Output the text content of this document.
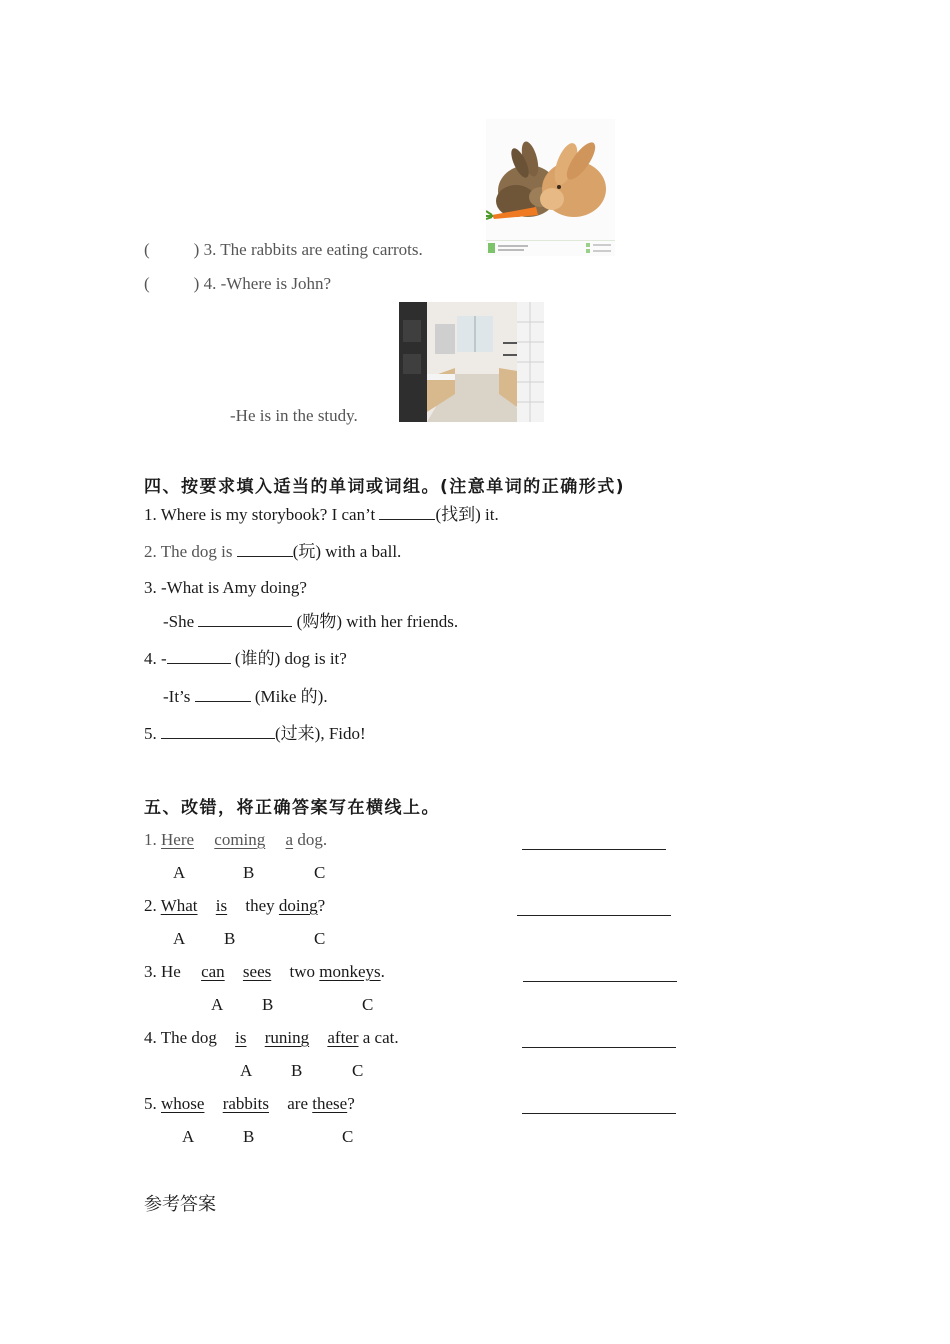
(	) 3. The rabbits are eating carrots.
(	) 4. -Where is John?
-He is in the study.
四、按要求填入适当的单词或词组。(注意单词的正确形式)
1. Where is my storybook? I can’t	(找到) it.
2. The dog is	(玩) with a ball.
3. -What is Amy doing?
-She	(购物) with her friends.
4. -	(谁的) dog is it?
-It’s	(Mike 的).
5.	(过来), Fido!
五、改错，将正确答案写在横线上。
1. Here coming a dog.
A	B	C
2. What is they doing?
A B	C
3. He can sees two monkeys.
A B	C
4. The dog is runing after a cat.
A B	C
5. whose rabbits are these?
A	B	C
参考答案
